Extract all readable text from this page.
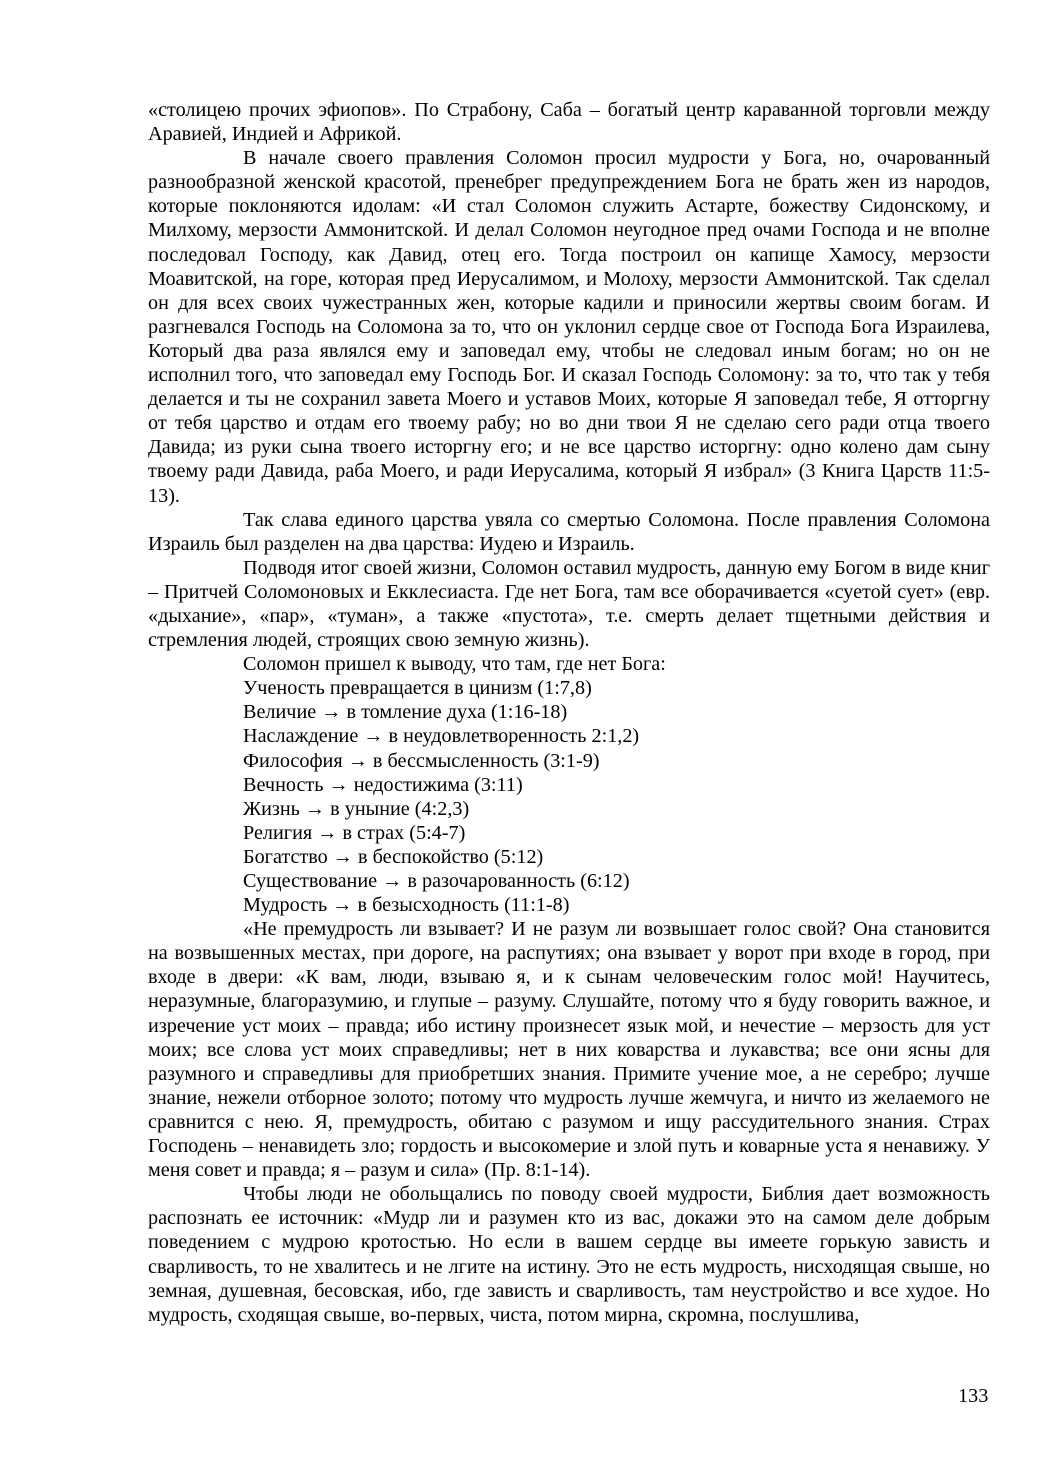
«столицею прочих эфиопов». По Страбону, Саба – богатый центр караванной торговли между Аравией, Индией и Африкой.

В начале своего правления Соломон просил мудрости у Бога, но, очарованный разнообразной женской красотой, пренебрег предупреждением Бога не брать жен из народов, которые поклоняются идолам: «И стал Соломон служить Астарте, божеству Сидонскому, и Милхому, мерзости Аммонитской. И делал Соломон неугодное пред очами Господа и не вполне последовал Господу, как Давид, отец его. Тогда построил он капище Хамосу, мерзости Моавитской, на горе, которая пред Иерусалимом, и Молоху, мерзости Аммонитской. Так сделал он для всех своих чужестранных жен, которые кадили и приносили жертвы своим богам. И разгневался Господь на Соломона за то, что он уклонил сердце свое от Господа Бога Израилева, Который два раза являлся ему и заповедал ему, чтобы не следовал иным богам; но он не исполнил того, что заповедал ему Господь Бог. И сказал Господь Соломону: за то, что так у тебя делается и ты не сохранил завета Моего и уставов Моих, которые Я заповедал тебе, Я отторгну от тебя царство и отдам его твоему рабу; но во дни твои Я не сделаю сего ради отца твоего Давида; из руки сына твоего исторгну его; и не все царство исторгну: одно колено дам сыну твоему ради Давида, раба Моего, и ради Иерусалима, который Я избрал» (3 Книга Царств 11:5-13).

Так слава единого царства увяла со смертью Соломона. После правления Соломона Израиль был разделен на два царства: Иудею и Израиль.

Подводя итог своей жизни, Соломон оставил мудрость, данную ему Богом в виде книг – Притчей Соломоновых и Екклесиаста. Где нет Бога, там все оборачивается «суетой сует» (евр. «дыхание», «пар», «туман», а также «пустота», т.е. смерть делает тщетными действия и стремления людей, строящих свою земную жизнь).

Соломон пришел к выводу, что там, где нет Бога:

Ученость превращается в цинизм (1:7,8)

Величие → в томление духа (1:16-18)

Наслаждение → в неудовлетворенность 2:1,2)

Философия → в бессмысленность (3:1-9)

Вечность → недостижима (3:11)

Жизнь → в уныние (4:2,3)

Религия → в страх (5:4-7)

Богатство → в беспокойство (5:12)

Существование → в разочарованность (6:12)

Мудрость → в безысходность (11:1-8)

«Не премудрость ли взывает? И не разум ли возвышает голос свой? Она становится на возвышенных местах, при дороге, на распутиях; она взывает у ворот при входе в город, при входе в двери: «К вам, люди, взываю я, и к сынам человеческим голос мой! Научитесь, неразумные, благоразумию, и глупые – разуму. Слушайте, потому что я буду говорить важное, и изречение уст моих – правда; ибо истину произнесет язык мой, и нечестие – мерзость для уст моих; все слова уст моих справедливы; нет в них коварства и лукавства; все они ясны для разумного и справедливы для приобретших знания. Примите учение мое, а не серебро; лучше знание, нежели отборное золото; потому что мудрость лучше жемчуга, и ничто из желаемого не сравнится с нею. Я, премудрость, обитаю с разумом и ищу рассудительного знания. Страх Господень – ненавидеть зло; гордость и высокомерие и злой путь и коварные уста я ненавижу. У меня совет и правда; я – разум и сила» (Пр. 8:1-14).

Чтобы люди не обольщались по поводу своей мудрости, Библия дает возможность распознать ее источник: «Мудр ли и разумен кто из вас, докажи это на самом деле добрым поведением с мудрою кротостью. Но если в вашем сердце вы имеете горькую зависть и сварливость, то не хвалитесь и не лгите на истину. Это не есть мудрость, нисходящая свыше, но земная, душевная, бесовская, ибо, где зависть и сварливость, там неустройство и все худое. Но мудрость, сходящая свыше, во-первых, чиста, потом мирна, скромна, послушлива,

133
